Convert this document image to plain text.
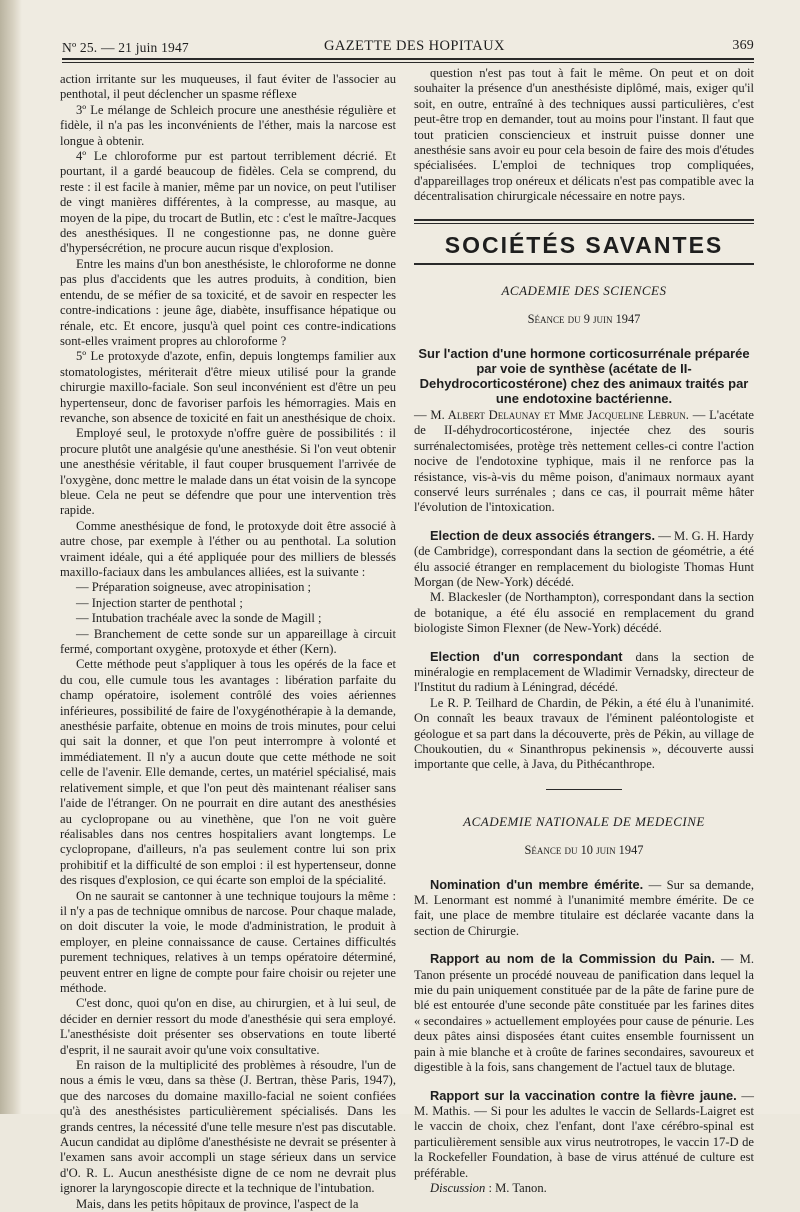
Nº 25. — 21 juin 1947	GAZETTE DES HOPITAUX	369

action irritante sur les muqueuses, il faut éviter de l'associer au penthotal, il peut déclencher un spasme réflexe

3º Le mélange de Schleich procure une anesthésie régulière et fidèle, il n'a pas les inconvénients de l'éther, mais la narcose est longue à obtenir.

4º Le chloroforme pur est partout terriblement décrié. Et pourtant, il a gardé beaucoup de fidèles. Cela se comprend, du reste : il est facile à manier, même par un novice, on peut l'utiliser de vingt manières différentes, à la compresse, au masque, au moyen de la pipe, du trocart de Butlin, etc : c'est le maître-Jacques des anesthésiques. Il ne congestionne pas, ne donne guère d'hypersécrétion, ne procure aucun risque d'explosion.

Entre les mains d'un bon anesthésiste, le chloroforme ne donne pas plus d'accidents que les autres produits, à condition, bien entendu, de se méfier de sa toxicité, et de savoir en respecter les contre-indications : jeune âge, diabète, insuffisance hépatique ou rénale, etc. Et encore, jusqu'à quel point ces contre-indications sont-elles vraiment propres au chloroforme ?

5º Le protoxyde d'azote, enfin, depuis longtemps familier aux stomatologistes, mériterait d'être mieux utilisé pour la grande chirurgie maxillo-faciale. Son seul inconvénient est d'être un peu hypertenseur, donc de favoriser parfois les hémorragies. Mais en revanche, son absence de toxicité en fait un anesthésique de choix.

Employé seul, le protoxyde n'offre guère de possibilités : il procure plutôt une analgésie qu'une anesthésie. Si l'on veut obtenir une anesthésie véritable, il faut couper brusquement l'arrivée de l'oxygène, donc mettre le malade dans un état voisin de la syncope bleue. Cela ne peut se défendre que pour une intervention très rapide.

Comme anesthésique de fond, le protoxyde doit être associé à autre chose, par exemple à l'éther ou au penthotal. La solution vraiment idéale, qui a été appliquée pour des milliers de blessés maxillo-faciaux dans les ambulances alliées, est la suivante :

— Préparation soigneuse, avec atropinisation ;

— Injection starter de penthotal ;

— Intubation trachéale avec la sonde de Magill ;

— Branchement de cette sonde sur un appareillage à circuit fermé, comportant oxygène, protoxyde et éther (Kern).

Cette méthode peut s'appliquer à tous les opérés de la face et du cou, elle cumule tous les avantages : libération parfaite du champ opératoire, isolement contrôlé des voies aériennes inférieures, possibilité de faire de l'oxygénothérapie à la demande, anesthésie parfaite, obtenue en moins de trois minutes, pour celui qui sait la donner, et que l'on peut interrompre à volonté et immédiatement. Il n'y a aucun doute que cette méthode ne soit celle de l'avenir. Elle demande, certes, un matériel spécialisé, mais relativement simple, et que l'on peut dès maintenant réaliser sans l'aide de l'étranger. On ne pourrait en dire autant des anesthésies au cyclopropane ou au vinethène, que l'on ne voit guère réalisables dans nos centres hospitaliers avant longtemps. Le cyclopropane, d'ailleurs, n'a pas seulement contre lui son prix prohibitif et la difficulté de son emploi : il est hypertenseur, donne des risques d'explosion, ce qui écarte son emploi de la spécialité.

On ne saurait se cantonner à une technique toujours la même : il n'y a pas de technique omnibus de narcose. Pour chaque malade, on doit discuter la voie, le mode d'administration, le produit à employer, en pleine connaissance de cause. Certaines difficultés purement techniques, relatives à un temps opératoire déterminé, peuvent entrer en ligne de compte pour faire choisir ou rejeter une méthode.

C'est donc, quoi qu'on en dise, au chirurgien, et à lui seul, de décider en dernier ressort du mode d'anesthésie qui sera employé. L'anesthésiste doit présenter ses observations en toute liberté d'esprit, il ne saurait avoir qu'une voix consultative.

En raison de la multiplicité des problèmes à résoudre, l'un de nous a émis le vœu, dans sa thèse (J. Bertran, thèse Paris, 1947), que des narcoses du domaine maxillo-facial ne soient confiées qu'à des anesthésistes particulièrement spécialisés. Dans les grands centres, la nécessité d'une telle mesure n'est pas discutable. Aucun candidat au diplôme d'anesthésiste ne devrait se présenter à l'examen sans avoir accompli un stage sérieux dans un service d'O. R. L. Aucun anesthésiste digne de ce nom ne devrait plus ignorer la laryngoscopie directe et la technique de l'intubation.

Mais, dans les petits hôpitaux de province, l'aspect de la

question n'est pas tout à fait le même. On peut et on doit souhaiter la présence d'un anesthésiste diplômé, mais, exiger qu'il soit, en outre, entraîné à des techniques aussi particulières, c'est peut-être trop en demander, tout au moins pour l'instant. Il faut que tout praticien consciencieux et instruit puisse donner une anesthésie sans avoir eu pour cela besoin de faire des mois d'études spécialisées. L'emploi de techniques trop compliquées, d'appareillages trop onéreux et délicats n'est pas compatible avec la décentralisation chirurgicale nécessaire en notre pays.

SOCIÉTÉS SAVANTES
ACADEMIE DES SCIENCES
Séance du 9 juin 1947
Sur l'action d'une hormone corticosurrénale préparée par voie de synthèse (acétate de II-Dehydrocorticostérone) chez des animaux traités par une endotoxine bactérienne.

— M. Albert Delaunay et Mme Jacqueline Lebrun. — L'acétate de II-déhydrocorticostérone, injectée chez des souris surrénalectomisées, protège très nettement celles-ci contre l'action nocive de l'endotoxine typhique, mais il ne renforce pas la résistance, vis-à-vis du même poison, d'animaux normaux ayant conservé leurs surrénales ; dans ce cas, il pourrait même hâter l'évolution de l'intoxication.

Election de deux associés étrangers. — M. G. H. Hardy (de Cambridge), correspondant dans la section de géométrie, a été élu associé étranger en remplacement du biologiste Thomas Hunt Morgan (de New-York) décédé.

M. Blackesler (de Northampton), correspondant dans la section de botanique, a été élu associé en remplacement du grand biologiste Simon Flexner (de New-York) décédé.

Election d'un correspondant dans la section de minéralogie en remplacement de Wladimir Vernadsky, directeur de l'Institut du radium à Léningrad, décédé.

Le R. P. Teilhard de Chardin, de Pékin, a été élu à l'unanimité. On connaît les beaux travaux de l'éminent paléontologiste et géologue et sa part dans la découverte, près de Pékin, au village de Choukoutien, du « Sinanthropus pekinensis », découverte aussi importante que celle, à Java, du Pithécanthrope.

ACADEMIE NATIONALE DE MEDECINE
Séance du 10 juin 1947

Nomination d'un membre émérite. — Sur sa demande, M. Lenormant est nommé à l'unanimité membre émérite. De ce fait, une place de membre titulaire est déclarée vacante dans la section de Chirurgie.

Rapport au nom de la Commission du Pain. — M. Tanon présente un procédé nouveau de panification dans lequel la mie du pain uniquement constituée par de la pâte de farine pure de blé est entourée d'une seconde pâte constituée par les farines dites « secondaires » actuellement employées pour cause de pénurie. Les deux pâtes ainsi disposées étant cuites ensemble fournissent un pain à mie blanche et à croûte de farines secondaires, savoureux et digestible à la fois, sans changement de l'actuel taux de blutage.

Rapport sur la vaccination contre la fièvre jaune. — M. Mathis. — Si pour les adultes le vaccin de Sellards-Laigret est le vaccin de choix, chez l'enfant, dont l'axe cérébro-spinal est particulièrement sensible aux virus neutrotropes, le vaccin 17-D de la Rockefeller Foundation, à base de virus atténué de culture est préférable.

Discussion : M. Tanon.
